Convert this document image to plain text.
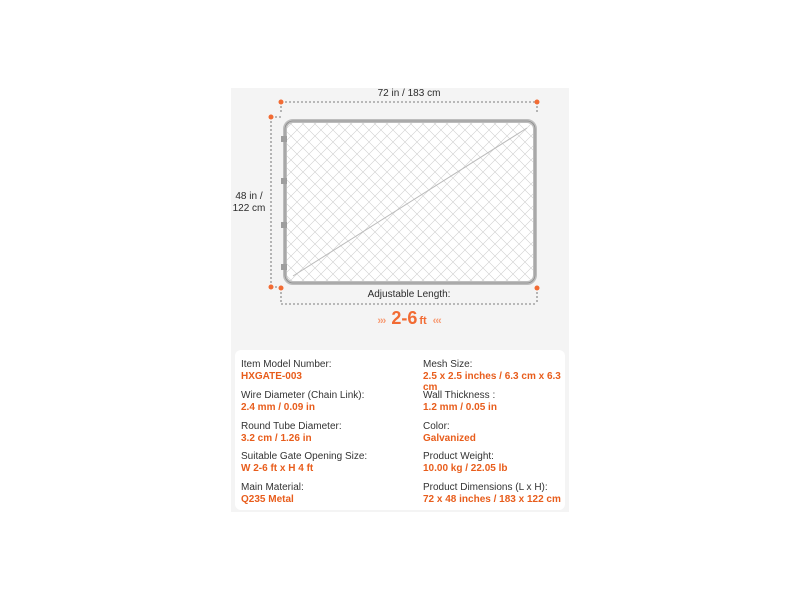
72 in / 183 cm
48 in /
122 cm
Adjustable Length:
››› 2-6 ft ‹‹‹
Item Model Number:
HXGATE-003
Wire Diameter (Chain Link):
2.4 mm / 0.09 in
Round Tube Diameter:
3.2 cm / 1.26 in
Suitable Gate Opening Size:
W 2-6 ft x H 4 ft
Main Material:
Q235 Metal
Mesh Size:
2.5 x 2.5 inches / 6.3 cm x 6.3 cm
Wall Thickness :
1.2 mm / 0.05 in
Color:
Galvanized
Product Weight:
10.00 kg / 22.05 lb
Product Dimensions (L x H):
72 x 48 inches / 183 x 122 cm
